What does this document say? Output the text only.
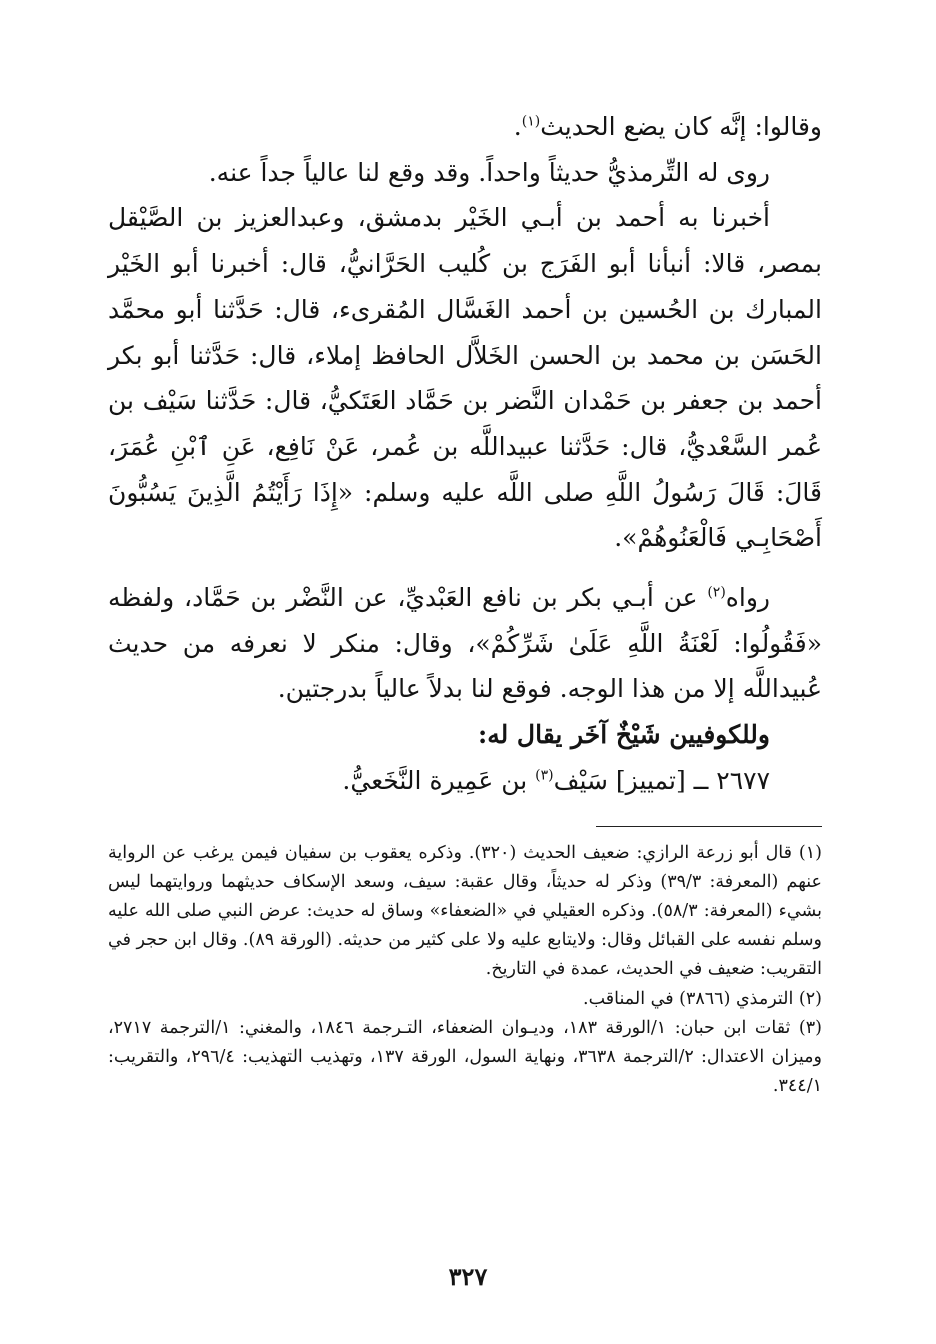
وقالوا: إنَّه كان يضع الحديث$^{(١)}$.

روى له التِّرمذيُّ حديثاً واحداً. وقد وقع لنا عالياً جداً عنه.

أخبرنا به أحمد بن أبـي الخَيْر بدمشق، وعبدالعزيز بن الصَّيْقل بمصر، قالا: أنبأنا أبو الفَرَج بن كُليب الحَرَّانيُّ، قال: أخبرنا أبو الخَيْر المبارك بن الحُسين بن أحمد الغَسَّال المُقرىء، قال: حَدَّثنا أبو محمَّد الحَسَن بن محمد بن الحسن الخَلاَّل الحافظ إملاء، قال: حَدَّثنا أبو بكر أحمد بن جعفر بن حَمْدان النَّضر بن حَمَّاد العَتَكيُّ، قال: حَدَّثنا سَيْف بن عُمر السَّعْديُّ، قال: حَدَّثنا عبيداللَّه بن عُمر، عَنْ نَافِع، عَنِ ٱبْنِ عُمَرَ، قَالَ: قَالَ رَسُولُ اللَّهِ صلى اللَّه عليه وسلم: «إِذَا رَأَيْتُمُ الَّذِينَ يَسُبُّونَ أَصْحَابِـي فَالْعَنُوهُمْ».

رواه$^{(٢)}$ عن أبـي بكر بن نافع العَبْديِّ، عن النَّضْر بن حَمَّاد، ولفظه «فَقُولُوا: لَعْنَةُ اللَّهِ عَلَىٰ شَرِّكُمْ»، وقال: منكر لا نعرفه من حديث عُبيداللَّه إلا من هذا الوجه. فوقع لنا بدلاً عالياً بدرجتين.

وللكوفيين شَيْخٌ آخَر يقال له:

٢٦٧٧ ــ [تمييز] سَيْف$^{(٣)}$ بن عَمِيرة النَّخَعيُّ.

(١) قال أبو زرعة الرازي: ضعيف الحديث (٣٢٠). وذكره يعقوب بن سفيان فيمن يرغب عن الرواية عنهم (المعرفة: ٣٩/٣) وذكر له حديثاً، وقال عقبة: سيف، وسعد الإسكاف حديثهما وروايتهما ليس بشيء (المعرفة: ٥٨/٣). وذكره العقيلي في «الضعفاء» وساق له حديث: عرض النبي صلى الله عليه وسلم نفسه على القبائل وقال: ولايتابع عليه ولا على كثير من حديثه. (الورقة ٨٩). وقال ابن حجر في التقريب: ضعيف في الحديث، عمدة في التاريخ.

(٢) الترمذي (٣٨٦٦) في المناقب.

(٣) ثقات ابن حبان: ١/الورقة ١٨٣، وديـوان الضعفاء، التـرجمة ١٨٤٦، والمغني: ١/الترجمة ٢٧١٧، وميزان الاعتدال: ٢/الترجمة ٣٦٣٨، ونهاية السول، الورقة ١٣٧، وتهذيب التهذيب: ٢٩٦/٤، والتقريب: ٣٤٤/١.

٣٢٧
